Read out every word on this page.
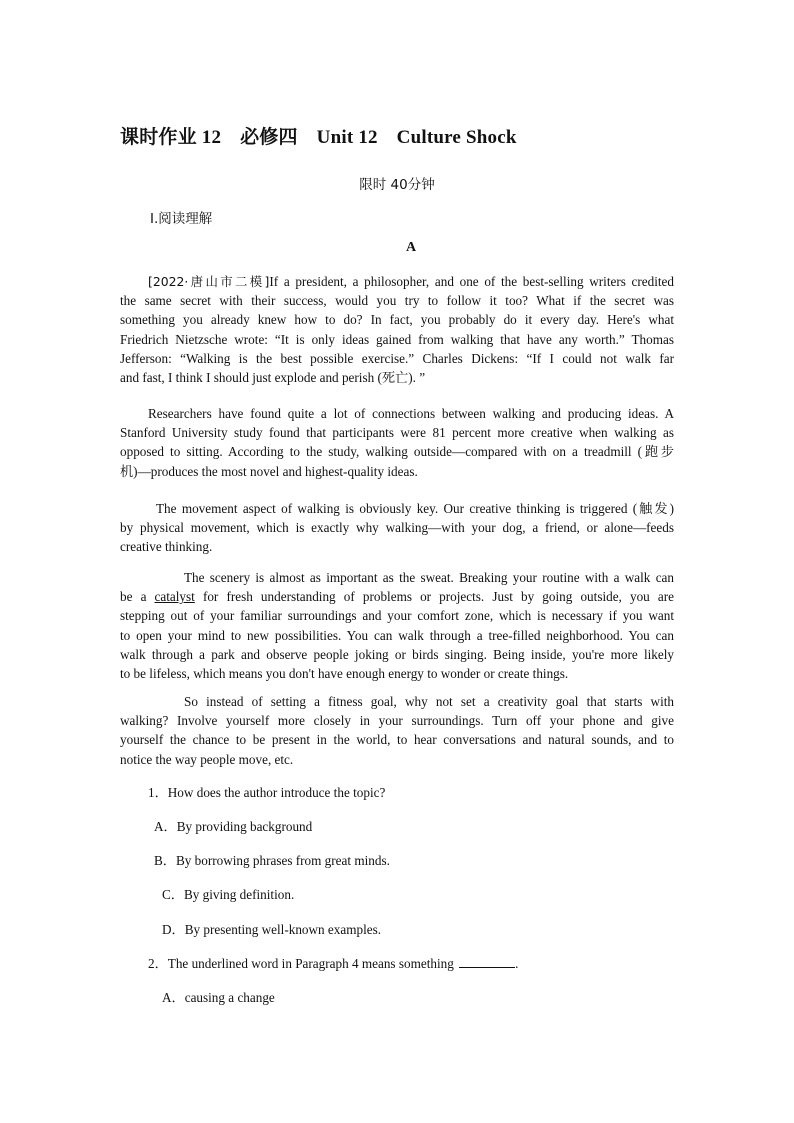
课时作业 12 必修四 Unit 12 Culture Shock
限时 40分钟
Ⅰ.阅读理解
A
[2022·唐山市二模]If a president, a philosopher, and one of the best-selling writers credited
the same secret with their success, would you try to follow it too? What if the secret was
something you already knew how to do? In fact, you probably do it every day. Here's what
Friedrich Nietzsche wrote: “It is only ideas gained from walking that have any worth.” Thomas
Jefferson: “Walking is the best possible exercise.” Charles Dickens: “If I could not walk far
and fast, I think I should just explode and perish (死亡). ”
Researchers have found quite a lot of connections between walking and producing ideas. A
Stanford University study found that participants were 81 percent more creative when walking as
opposed to sitting. According to the study, walking outside—compared with on a treadmill (跑步
机)—produces the most novel and highest-quality ideas.
The movement aspect of walking is obviously key. Our creative thinking is triggered (触发)
by physical movement, which is exactly why walking—with your dog, a friend, or alone—feeds
creative thinking.
The scenery is almost as important as the sweat. Breaking your routine with a walk can
be a catalyst for fresh understanding of problems or projects. Just by going outside, you are
stepping out of your familiar surroundings and your comfort zone, which is necessary if you want
to open your mind to new possibilities. You can walk through a tree-filled neighborhood. You can
walk through a park and observe people joking or birds singing. Being inside, you're more likely
to be lifeless, which means you don't have enough energy to wonder or create things.
So instead of setting a fitness goal, why not set a creativity goal that starts with
walking? Involve yourself more closely in your surroundings. Turn off your phone and give
yourself the chance to be present in the world, to hear conversations and natural sounds, and to
notice the way people move, etc.
1．How does the author introduce the topic?
A．By providing background
B．By borrowing phrases from great minds.
C．By giving definition.
D．By presenting well-known examples.
2．The underlined word in Paragraph 4 means something	.
A．causing a change
